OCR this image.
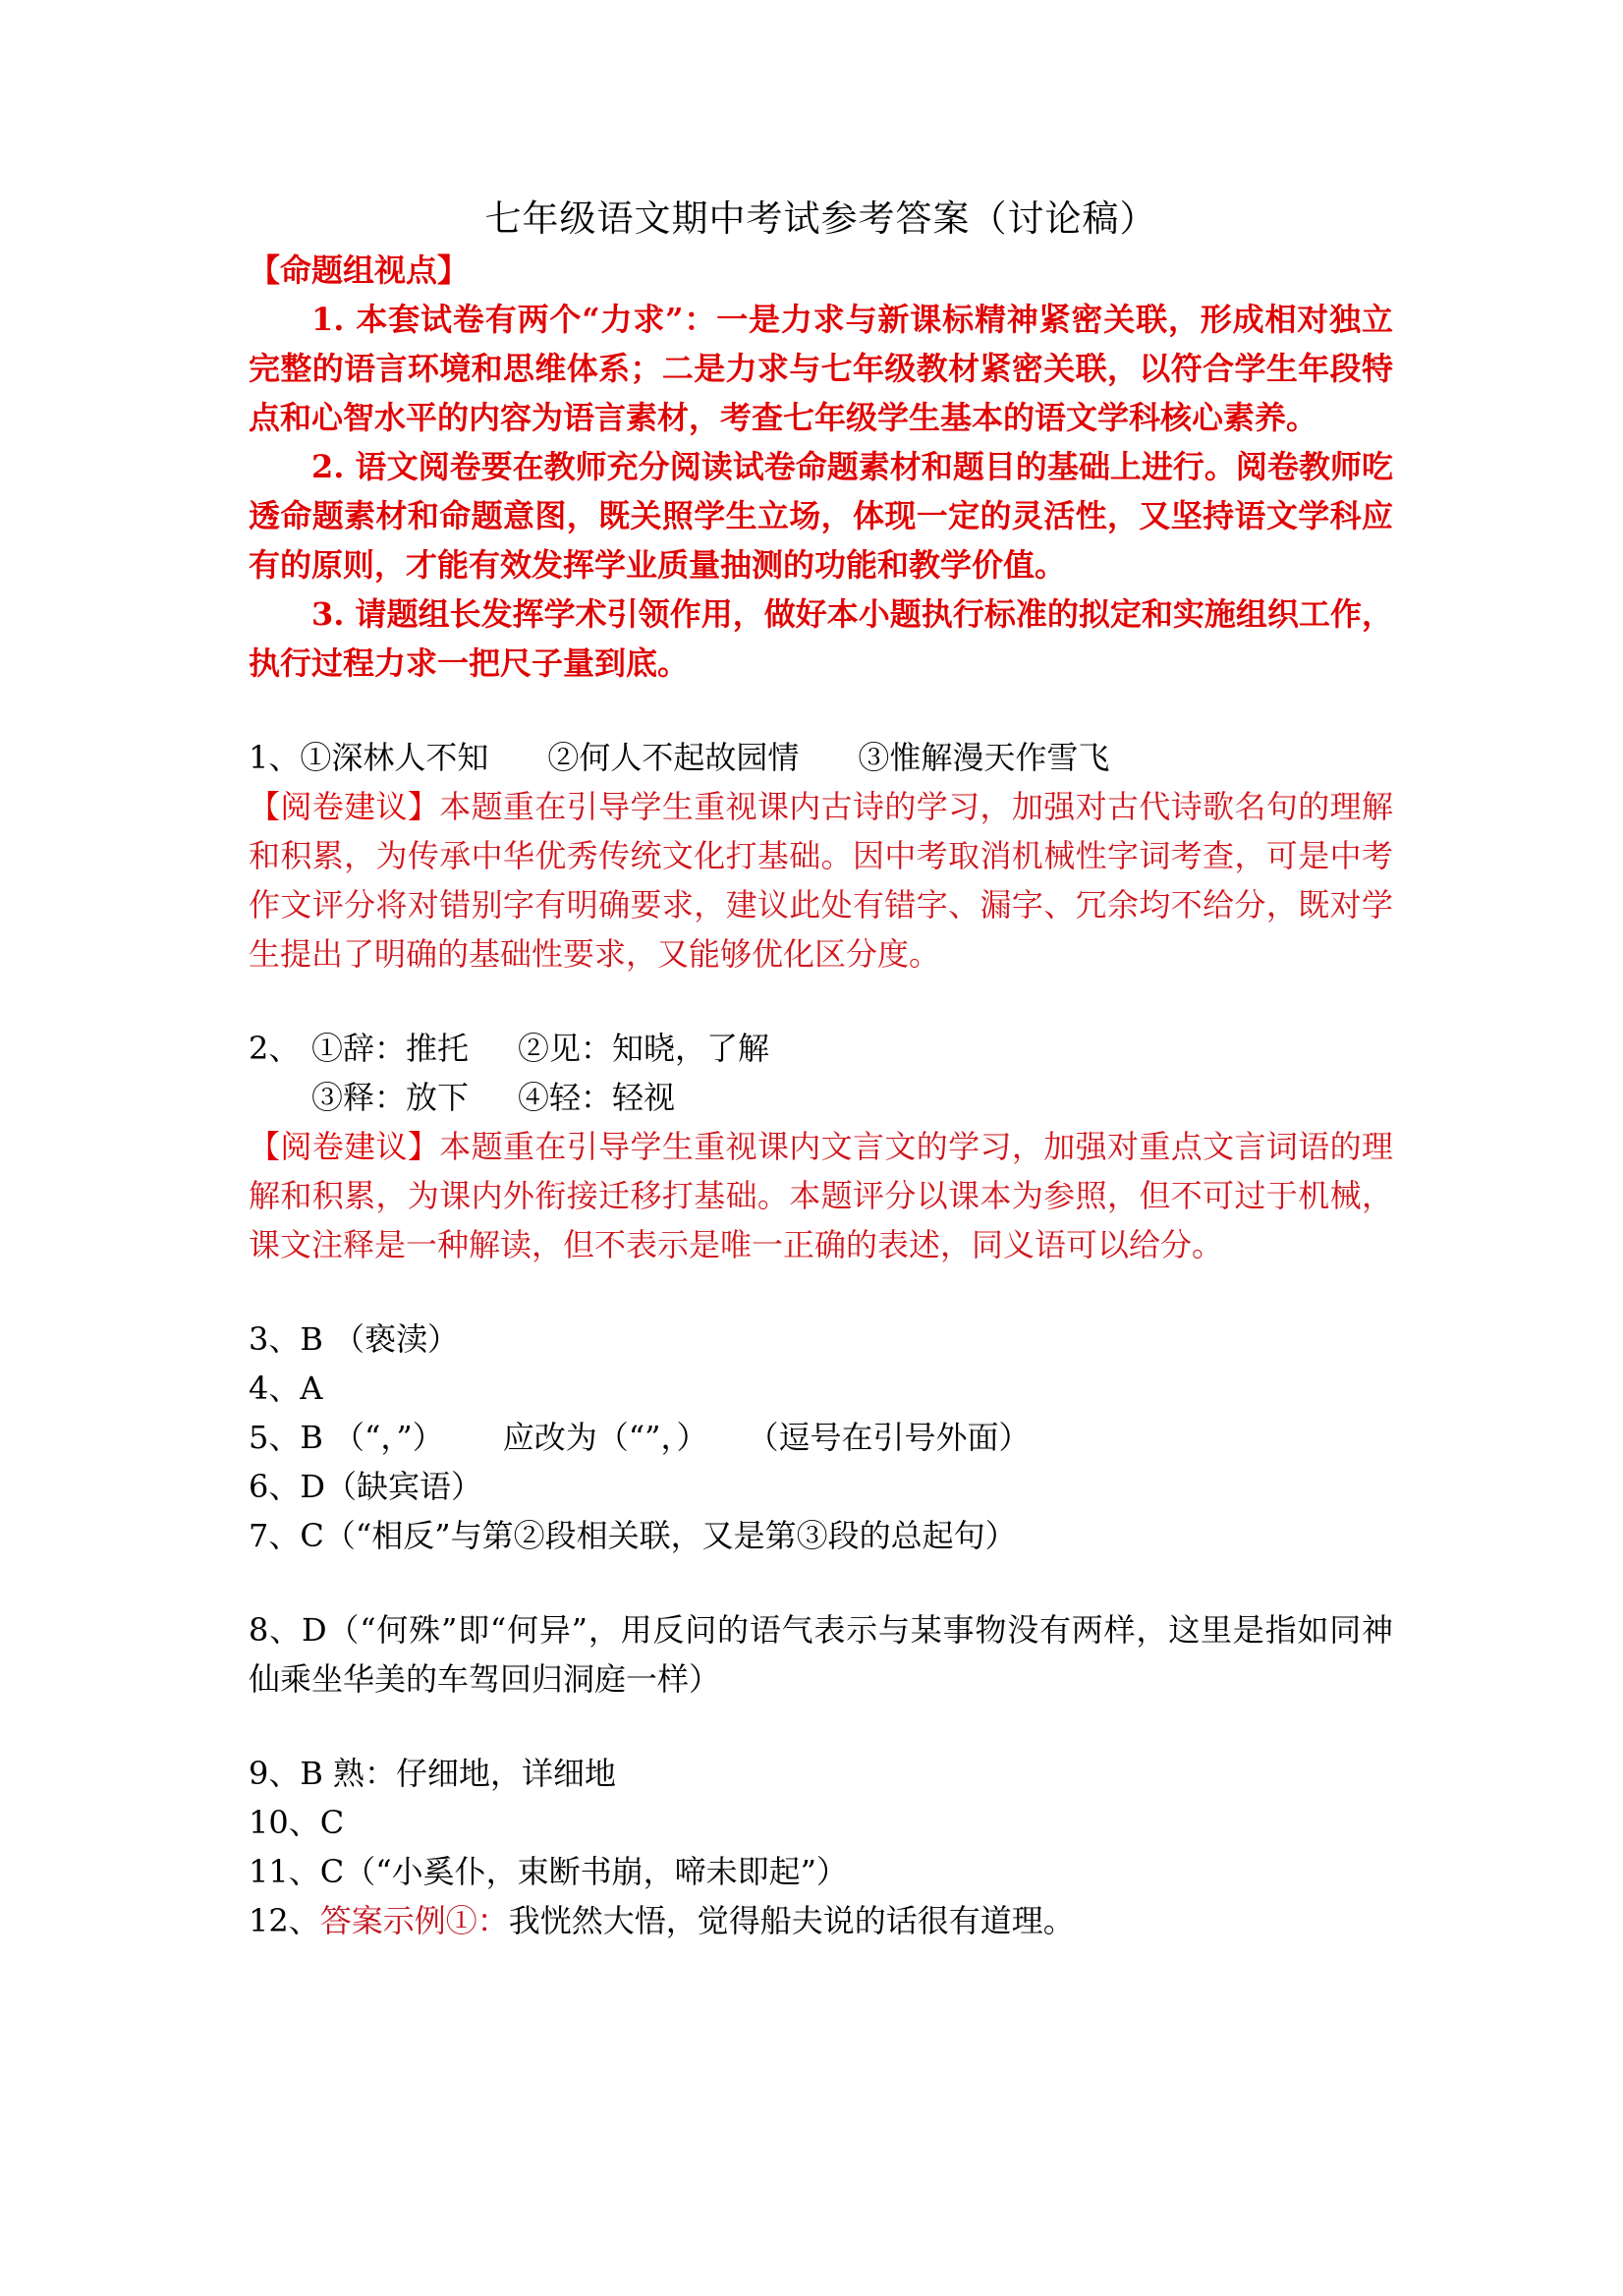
七年级语文期中考试参考答案（讨论稿）

【命题组视点】

1. 本套试卷有两个“力求”：一是力求与新课标精神紧密关联，形成相对独立完整的语言环境和思维体系；二是力求与七年级教材紧密关联，以符合学生年段特点和心智水平的内容为语言素材，考查七年级学生基本的语文学科核心素养。

2. 语文阅卷要在教师充分阅读试卷命题素材和题目的基础上进行。阅卷教师吃透命题素材和命题意图，既关照学生立场，体现一定的灵活性，又坚持语文学科应有的原则，才能有效发挥学业质量抽测的功能和教学价值。

3. 请题组长发挥学术引领作用，做好本小题执行标准的拟定和实施组织工作，执行过程力求一把尺子量到底。

1、①深林人不知 ②何人不起故园情 ③惟解漫天作雪飞

【阅卷建议】本题重在引导学生重视课内古诗的学习，加强对古代诗歌名句的理解和积累，为传承中华优秀传统文化打基础。因中考取消机械性字词考查，可是中考作文评分将对错别字有明确要求，建议此处有错字、漏字、冗余均不给分，既对学生提出了明确的基础性要求，又能够优化区分度。

2、 ①辞：推托 ②见：知晓，了解

③释：放下 ④轻：轻视

【阅卷建议】本题重在引导学生重视课内文言文的学习，加强对重点文言词语的理解和积累，为课内外衔接迁移打基础。本题评分以课本为参照，但不可过于机械，课文注释是一种解读，但不表示是唯一正确的表述，同义语可以给分。

3、B （亵渎）

4、A

5、B （“，”） 应改为（“”，） （逗号在引号外面）

6、D（缺宾语）

7、C（“相反”与第②段相关联，又是第③段的总起句）

8、D（“何殊”即“何异”，用反问的语气表示与某事物没有两样，这里是指如同神仙乘坐华美的车驾回归洞庭一样）

9、B 熟：仔细地，详细地

10、C

11、C（“小奚仆，束断书崩，啼未即起”）

12、答案示例①：我恍然大悟，觉得船夫说的话很有道理。
